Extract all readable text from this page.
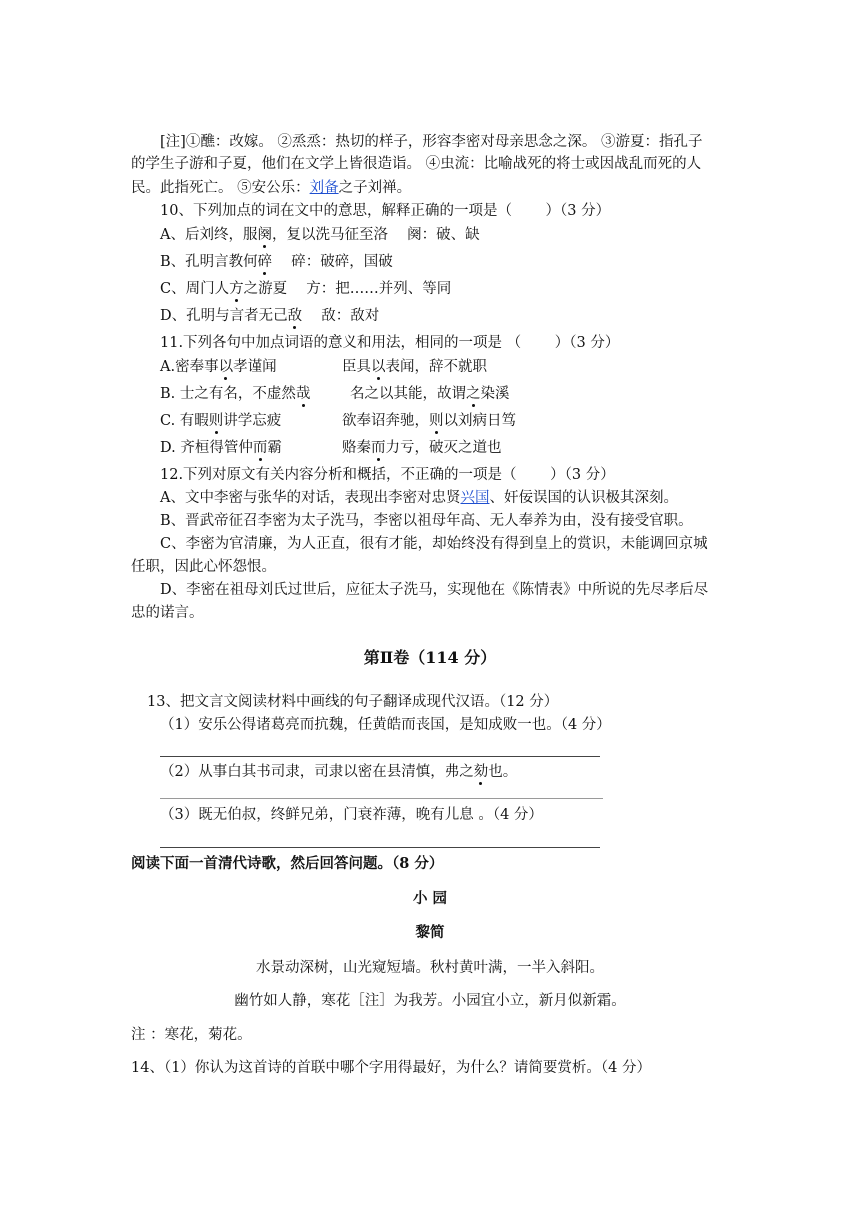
[注]①醮：改嫁。 ②烝烝：热切的样子，形容李密对母亲思念之深。 ③游夏：指孔子
的学生子游和子夏，他们在文学上皆很造诣。 ④虫流：比喻战死的将士或因战乱而死的人
民。此指死亡。 ⑤安公乐：刘备之子刘禅。
10、下列加点的词在文中的意思，解释正确的一项是（　　 ）（3 分）
A、后刘终，服阕，复以洗马征至洛　 阕：破、缺
B、孔明言教何碎　 碎：破碎，国破
C、周门人方之游夏　 方：把……并列、等同
D、孔明与言者无己敌　 敌：敌对
11.下列各句中加点词语的意义和用法，相同的一项是 （　　 ）（3 分）
A.密奉事以孝谨闻	臣具以表闻，辞不就职
B. 士之有名，不虚然哉	名之以其能，故谓之染溪
C. 有暇则讲学忘疲	欲奉诏奔驰，则以刘病日笃
D. 齐桓得管仲而霸	赂秦而力亏，破灭之道也
12.下列对原文有关内容分析和概括，不正确的一项是（　　 ）（3 分）
A、文中李密与张华的对话，表现出李密对忠贤兴国、奸佞误国的认识极其深刻。
B、晋武帝征召李密为太子洗马，李密以祖母年高、无人奉养为由，没有接受官职。
C、李密为官清廉，为人正直，很有才能，却始终没有得到皇上的赏识，未能调回京城
任职，因此心怀怨恨。
D、李密在祖母刘氏过世后，应征太子洗马，实现他在《陈情表》中所说的先尽孝后尽
忠的诺言。
第Ⅱ卷（114 分）
13、把文言文阅读材料中画线的句子翻译成现代汉语。（12 分）
（1）安乐公得诸葛亮而抗魏，任黄皓而丧国，是知成败一也。（4 分）
（2）从事白其书司隶，司隶以密在县清慎，弗之劾也。
（3）既无伯叔，终鲜兄弟，门衰祚薄，晚有儿息 。（4 分）
阅读下面一首清代诗歌，然后回答问题。（8 分）
小 园
黎简
水景动深树，山光窥短墙。秋村黄叶满，一半入斜阳。
幽竹如人静，寒花［注］为我芳。小园宜小立，新月似新霜。
注 ：寒花，菊花。
14、（1）你认为这首诗的首联中哪个字用得最好，为什么？请简要赏析。（4 分）
